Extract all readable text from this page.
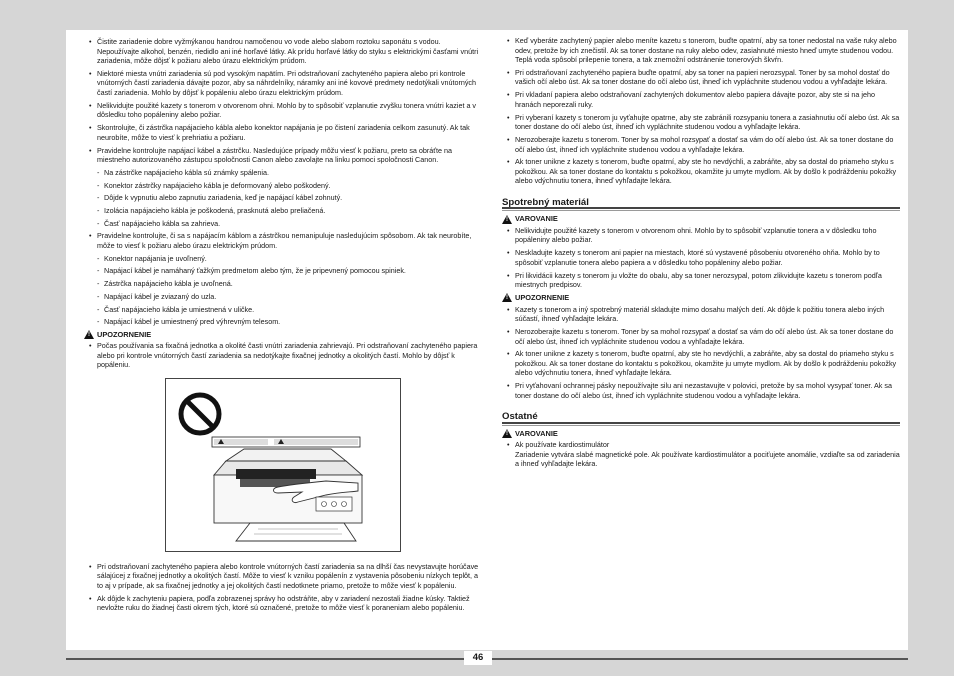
• Čistite zariadenie dobre vyžmýkanou handrou namočenou vo vode alebo slabom roztoku saponátu s vodou. Nepoužívajte alkohol, benzén, riedidlo ani iné horľavé látky. Ak prídu horľavé látky do styku s elektrickými časťami vnútri zariadenia, môže dôjsť k požiaru alebo úrazu elektrickým prúdom.
• Niektoré miesta vnútri zariadenia sú pod vysokým napätím. Pri odstraňovaní zachyteného papiera alebo pri kontrole vnútorných častí zariadenia dávajte pozor, aby sa náhrdelníky, náramky ani iné kovové predmety nedotýkali vnútorných častí zariadenia. Mohlo by dôjsť k popáleniu alebo úrazu elektrickým prúdom.
• Nelikvidujte použité kazety s tonerom v otvorenom ohni. Mohlo by to spôsobiť vzplanutie zvyšku tonera vnútri kaziet a v dôsledku toho popáleniny alebo požiar.
• Skontrolujte, či zástrčka napájacieho kábla alebo konektor napájania je po čistení zariadenia celkom zasunutý. Ak tak neurobíte, môže to viesť k prehriatiu a požiaru.
• Pravidelne kontrolujte napájací kábel a zástrčku. Nasledujúce prípady môžu viesť k požiaru, preto sa obráťte na miestneho autorizovaného zástupcu spoločnosti Canon alebo zavolajte na linku pomoci spoločnosti Canon.
- Na zástrčke napájacieho kábla sú známky spálenia.
- Konektor zástrčky napájacieho kábla je deformovaný alebo poškodený.
- Dôjde k vypnutiu alebo zapnutiu zariadenia, keď je napájací kábel zohnutý.
- Izolácia napájacieho kábla je poškodená, prasknutá alebo preliačená.
- Časť napájacieho kábla sa zahrieva.
• Pravidelne kontrolujte, či sa s napájacím káblom a zástrčkou nemanipuluje nasledujúcim spôsobom. Ak tak neurobíte, môže to viesť k požiaru alebo úrazu elektrickým prúdom.
- Konektor napájania je uvoľnený.
- Napájací kábel je namáhaný ťažkým predmetom alebo tým, že je pripevnený pomocou spiniek.
- Zástrčka napájacieho kábla je uvoľnená.
- Napájací kábel je zviazaný do uzla.
- Časť napájacieho kábla je umiestnená v uličke.
- Napájací kábel je umiestnený pred výhrevným telesom.
! UPOZORNENIE
• Počas používania sa fixačná jednotka a okolité časti vnútri zariadenia zahrievajú. Pri odstraňovaní zachyteného papiera alebo pri kontrole vnútorných častí zariadenia sa nedotýkajte fixačnej jednotky a okolitých častí. Mohlo by dôjsť k popáleniu.
• Pri odstraňovaní zachyteného papiera alebo kontrole vnútorných častí zariadenia sa na dlhší čas nevystavujte horúčave sálajúcej z fixačnej jednotky a okolitých častí. Môže to viesť k vzniku popálenín z vystavenia pôsobeniu nízkych teplôt, a to aj v prípade, ak sa fixačnej jednotky a jej okolitých častí nedotknete priamo, pretože to môže viesť k popáleniu.
• Ak dôjde k zachyteniu papiera, podľa zobrazenej správy ho odstráňte, aby v zariadení nezostali žiadne kúsky. Taktiež nevložte ruku do žiadnej časti okrem tých, ktoré sú označené, pretože to môže viesť k poraneniam alebo popáleniu.
• Keď vyberáte zachytený papier alebo meníte kazetu s tonerom, buďte opatrní, aby sa toner nedostal na vaše ruky alebo odev, pretože by ich znečistil. Ak sa toner dostane na ruky alebo odev, zasiahnuté miesto hneď umyte studenou vodou. Teplá voda spôsobí prilepenie tonera, a tak znemožní odstránenie tonerových škvŕn.
• Pri odstraňovaní zachyteného papiera buďte opatrní, aby sa toner na papieri nerozsypal. Toner by sa mohol dostať do vašich očí alebo úst. Ak sa toner dostane do očí alebo úst, ihneď ich vypláchnite studenou vodou a vyhľadajte lekára.
• Pri vkladaní papiera alebo odstraňovaní zachytených dokumentov alebo papiera dávajte pozor, aby ste si na jeho hranách neporezali ruky.
• Pri vyberaní kazety s tonerom ju vyťahujte opatrne, aby ste zabránili rozsypaniu tonera a zasiahnutiu očí alebo úst. Ak sa toner dostane do očí alebo úst, ihneď ich vypláchnite studenou vodou a vyhľadajte lekára.
• Nerozoberajte kazetu s tonerom. Toner by sa mohol rozsypať a dostať sa vám do očí alebo úst. Ak sa toner dostane do očí alebo úst, ihneď ich vypláchnite studenou vodou a vyhľadajte lekára.
• Ak toner unikne z kazety s tonerom, buďte opatrní, aby ste ho nevdýchli, a zabráňte, aby sa dostal do priameho styku s pokožkou. Ak sa toner dostane do kontaktu s pokožkou, okamžite ju umyte mydlom. Ak by došlo k podráždeniu pokožky alebo vdýchnutiu tonera, ihneď vyhľadajte lekára.
Spotrebný materiál
! VAROVANIE
• Nelikvidujte použité kazety s tonerom v otvorenom ohni. Mohlo by to spôsobiť vzplanutie tonera a v dôsledku toho popáleniny alebo požiar.
• Neskladujte kazety s tonerom ani papier na miestach, ktoré sú vystavené pôsobeniu otvoreného ohňa. Mohlo by to spôsobiť vzplanutie tonera alebo papiera a v dôsledku toho popáleniny alebo požiar.
• Pri likvidácii kazety s tonerom ju vložte do obalu, aby sa toner nerozsypal, potom zlikvidujte kazetu s tonerom podľa miestnych predpisov.
! UPOZORNENIE
• Kazety s tonerom a iný spotrebný materiál skladujte mimo dosahu malých detí. Ak dôjde k požitiu tonera alebo iných súčastí, ihneď vyhľadajte lekára.
• Nerozoberajte kazetu s tonerom. Toner by sa mohol rozsypať a dostať sa vám do očí alebo úst. Ak sa toner dostane do očí alebo úst, ihneď ich vypláchnite studenou vodou a vyhľadajte lekára.
• Ak toner unikne z kazety s tonerom, buďte opatrní, aby ste ho nevdýchli, a zabráňte, aby sa dostal do priameho styku s pokožkou. Ak sa toner dostane do kontaktu s pokožkou, okamžite ju umyte mydlom. Ak by došlo k podráždeniu pokožky alebo vdýchnutiu tonera, ihneď vyhľadajte lekára.
• Pri vyťahovaní ochrannej pásky nepoužívajte silu ani nezastavujte v polovici, pretože by sa mohol vysypať toner. Ak sa toner dostane do očí alebo úst, ihneď ich vypláchnite studenou vodou a vyhľadajte lekára.
Ostatné
! VAROVANIE
• Ak používate kardiostimulátor
Zariadenie vytvára slabé magnetické pole. Ak používate kardiostimulátor a pociťujete anomálie, vzdiaľte sa od zariadenia a ihneď vyhľadajte lekára.
46
